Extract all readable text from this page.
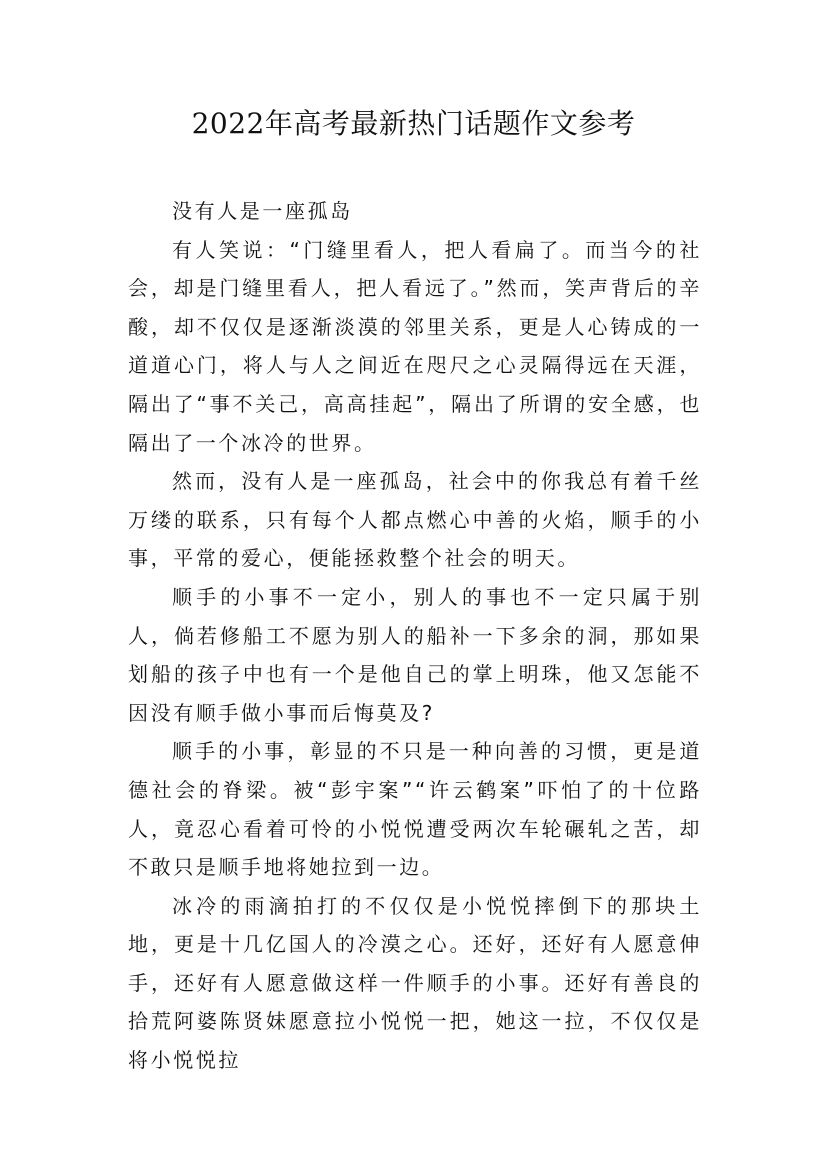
2022年高考最新热门话题作文参考

没有人是一座孤岛

有人笑说：“门缝里看人，把人看扁了。而当今的社会，却是门缝里看人，把人看远了。”然而，笑声背后的辛酸，却不仅仅是逐渐淡漠的邻里关系，更是人心铸成的一道道心门，将人与人之间近在咫尺之心灵隔得远在天涯，隔出了“事不关己，高高挂起”，隔出了所谓的安全感，也隔出了一个冰冷的世界。

然而，没有人是一座孤岛，社会中的你我总有着千丝万缕的联系，只有每个人都点燃心中善的火焰，顺手的小事，平常的爱心，便能拯救整个社会的明天。

顺手的小事不一定小，别人的事也不一定只属于别人，倘若修船工不愿为别人的船补一下多余的洞，那如果划船的孩子中也有一个是他自己的掌上明珠，他又怎能不因没有顺手做小事而后悔莫及?

顺手的小事，彰显的不只是一种向善的习惯，更是道德社会的脊梁。被“彭宇案”“许云鹤案”吓怕了的十位路人，竟忍心看着可怜的小悦悦遭受两次车轮碾轧之苦，却不敢只是顺手地将她拉到一边。

冰冷的雨滴拍打的不仅仅是小悦悦摔倒下的那块土地，更是十几亿国人的冷漠之心。还好，还好有人愿意伸手，还好有人愿意做这样一件顺手的小事。还好有善良的拾荒阿婆陈贤妹愿意拉小悦悦一把，她这一拉，不仅仅是将小悦悦拉
